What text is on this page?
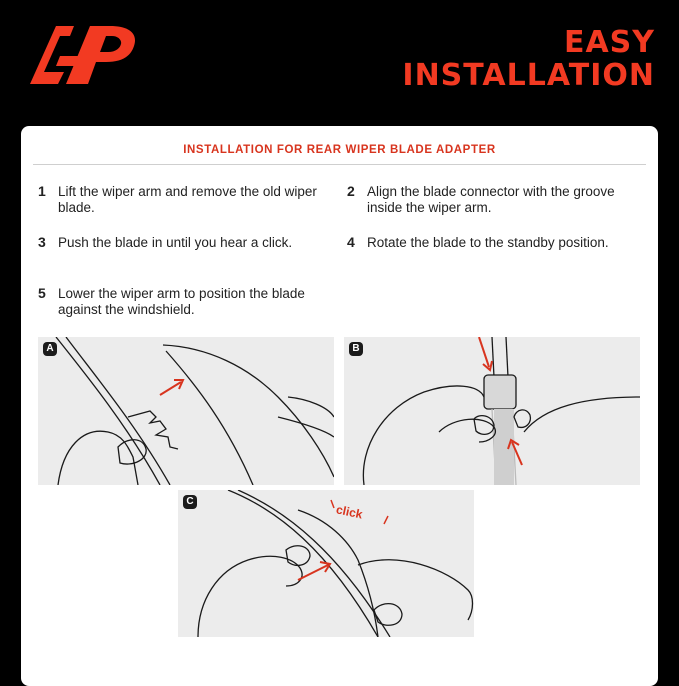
EASY
INSTALLATION
INSTALLATION FOR REAR WIPER BLADE ADAPTER
1 Lift the wiper arm and remove the old wiper blade.
2 Align the blade connector with the groove inside the wiper arm.
3 Push the blade in until you hear a click.	4 Rotate the blade to the standby position.
5 Lower the wiper arm to position the blade against the windshield.
A	B
click
C
